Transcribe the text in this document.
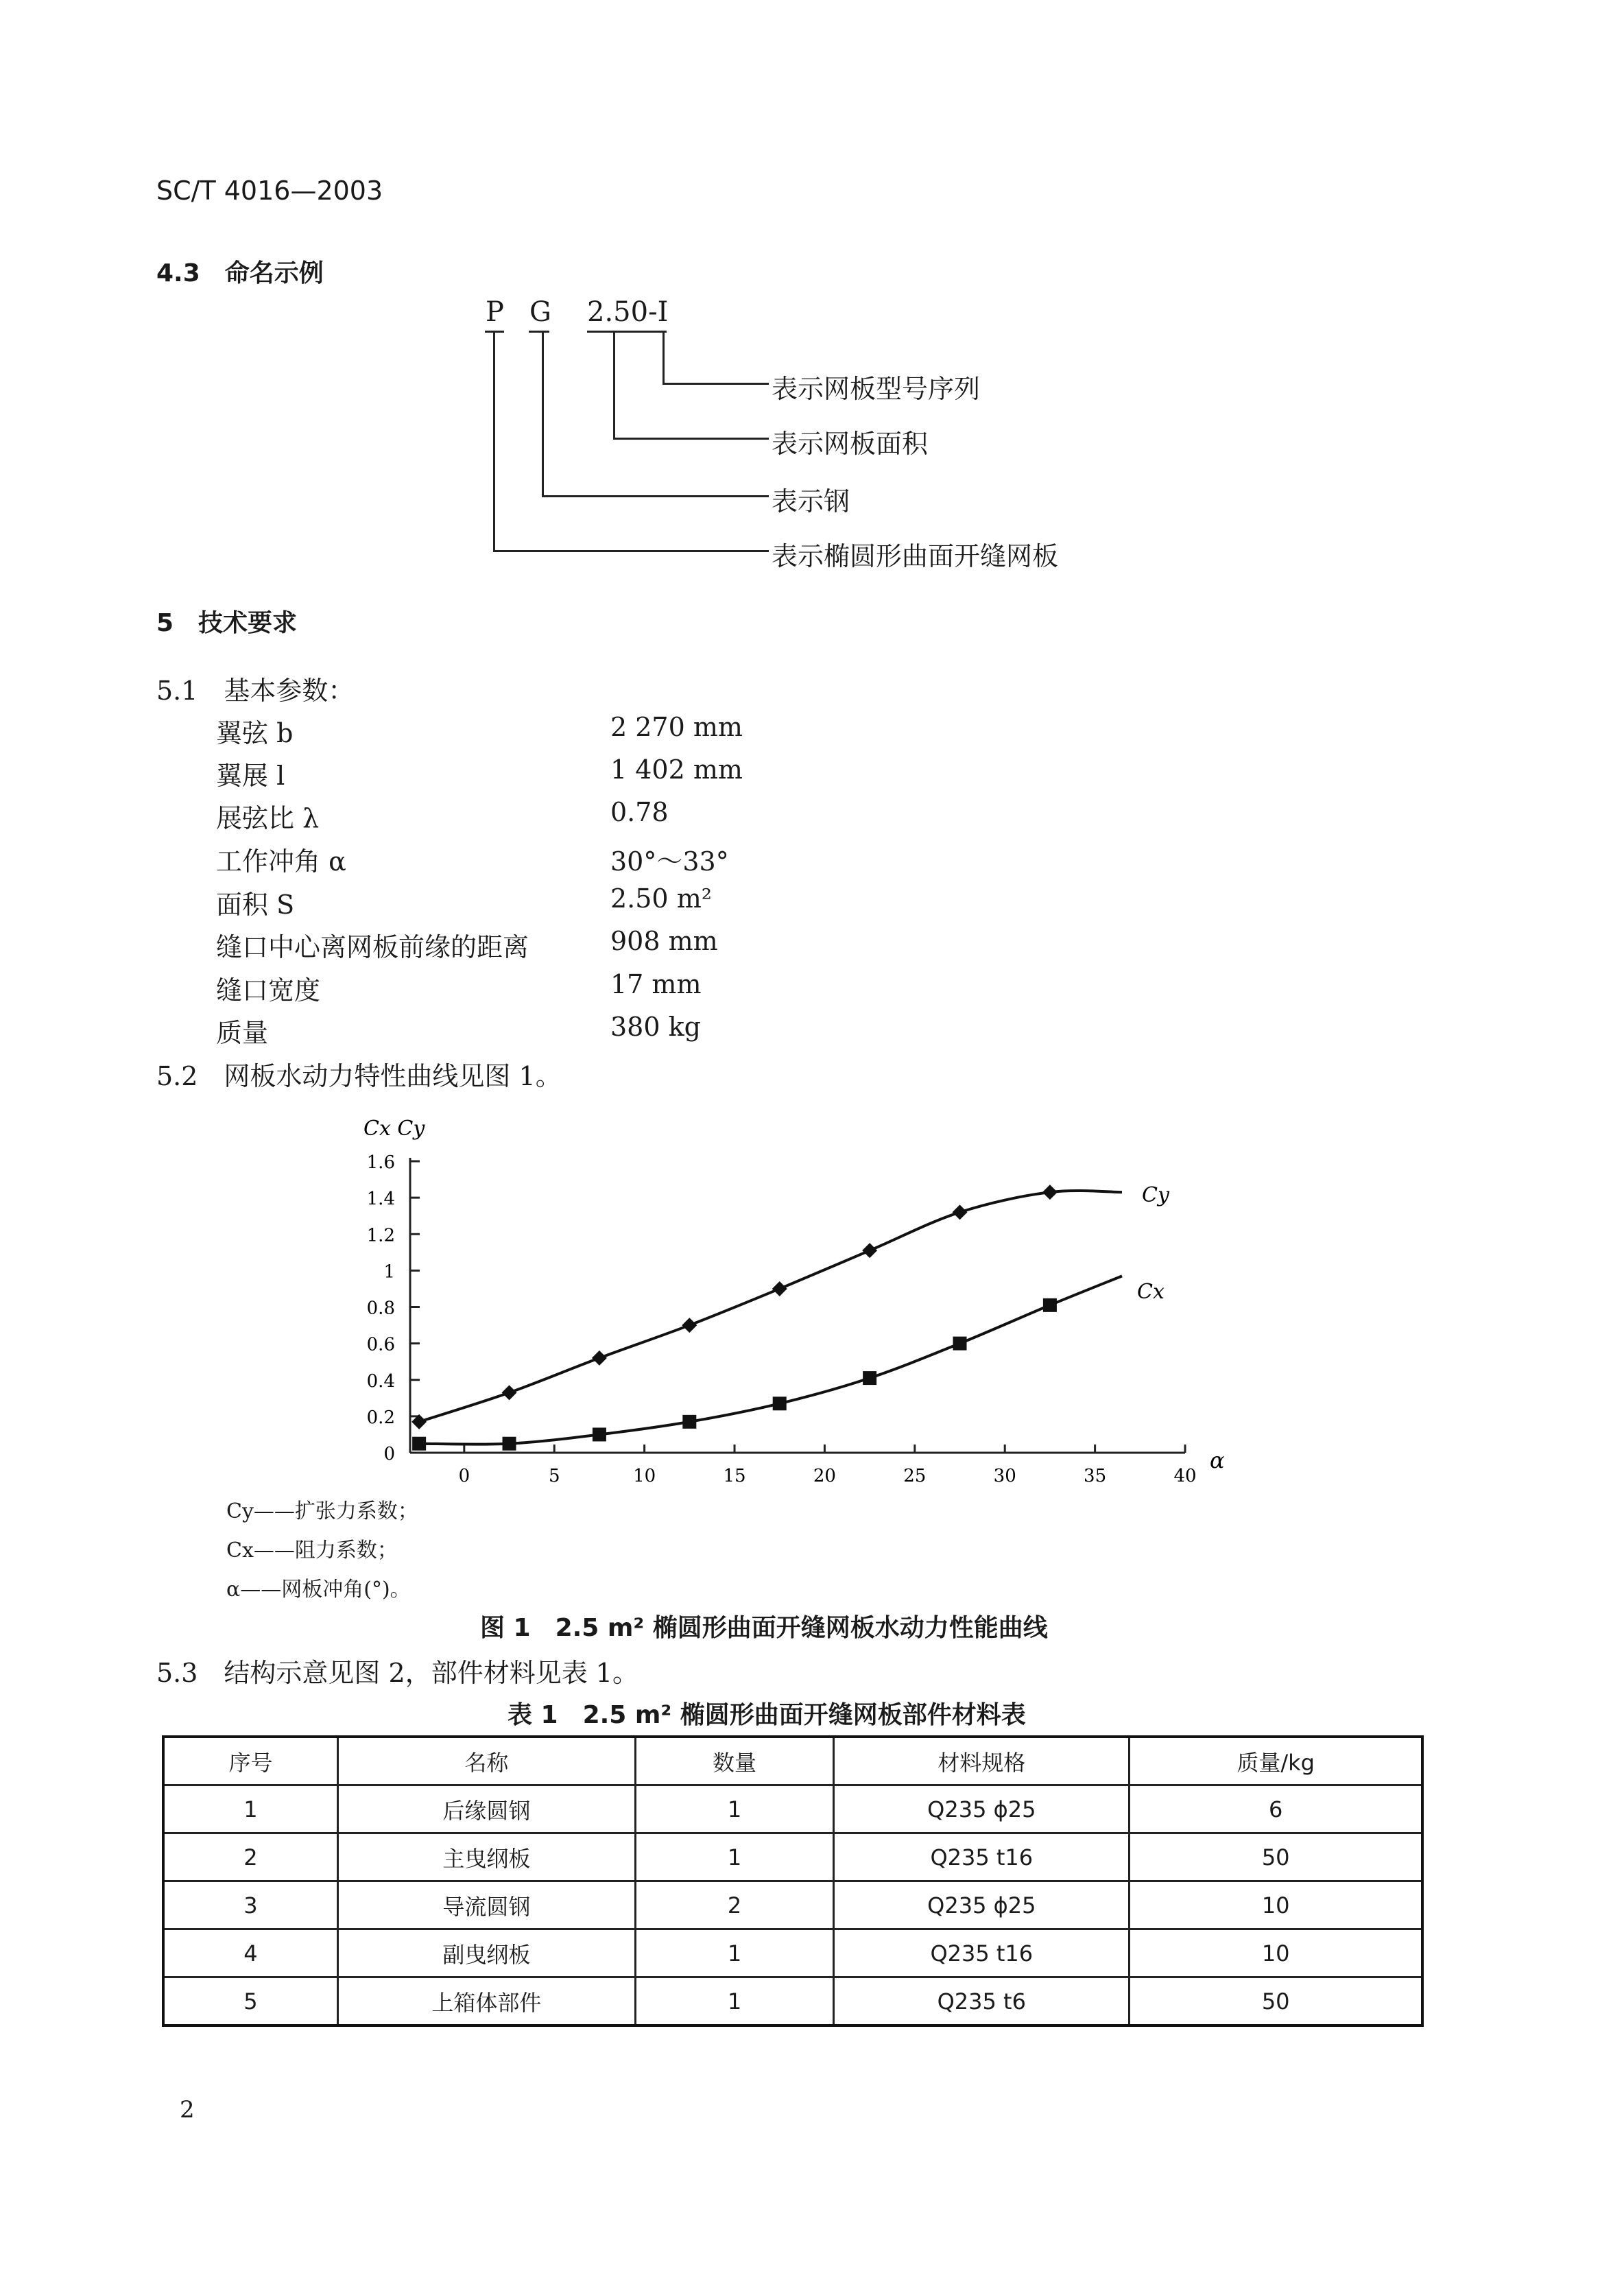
SC/T 4016—2003
4.3　命名示例
P G 2.50-I
表示网板型号序列
表示网板面积
表示钢
表示椭圆形曲面开缝网板
5　技术要求
5.1　基本参数：
翼弦 b	2 270 mm
翼展 l	1 402 mm
展弦比 λ	0.78
工作冲角 α	30°～33°
面积 S	2.50 m²
缝口中心离网板前缘的距离	908 mm
缝口宽度	17 mm
质量	380 kg
5.2　网板水动力特性曲线见图 1。
0
0.2
0.4
0.6
0.8
1
1.2
1.4
1.6
0	5	10	15	20	25	30	35	40
Cx Cy
α
Cy
Cx
Cy——扩张力系数；
Cx——阻力系数；
α——网板冲角(°)。
图 1　2.5 m² 椭圆形曲面开缝网板水动力性能曲线
5.3　结构示意见图 2，部件材料见表 1。
表 1　2.5 m² 椭圆形曲面开缝网板部件材料表
序号	名称	数量	材料规格	质量/kg
1	后缘圆钢	1	Q235 ϕ25	6
2	主曳纲板	1	Q235 t16	50
3	导流圆钢	2	Q235 ϕ25	10
4	副曳纲板	1	Q235 t16	10
5	上箱体部件	1	Q235 t6	50
2
